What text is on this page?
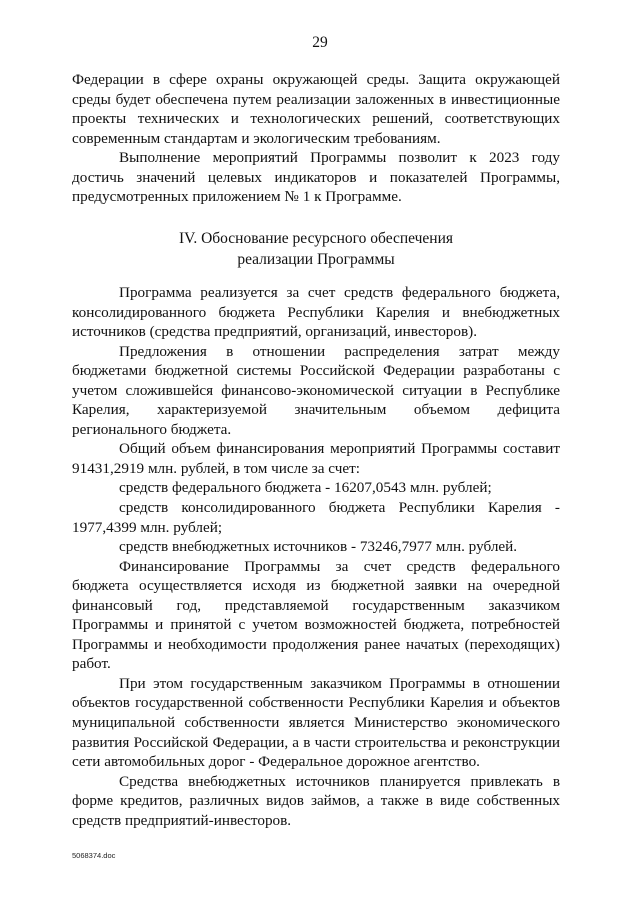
29

Федерации в сфере охраны окружающей среды. Защита окружающей среды будет обеспечена путем реализации заложенных в инвестиционные проекты технических и технологических решений, соответствующих современным стандартам и экологическим требованиям.

Выполнение мероприятий Программы позволит к 2023 году достичь значений целевых индикаторов и показателей Программы, предусмотренных приложением № 1 к Программе.

IV. Обоснование ресурсного обеспечения
реализации Программы

Программа реализуется за счет средств федерального бюджета, консолидированного бюджета Республики Карелия и внебюджетных источников (средства предприятий, организаций, инвесторов).

Предложения в отношении распределения затрат между бюджетами бюджетной системы Российской Федерации разработаны с учетом сложившейся финансово-экономической ситуации в Республике Карелия, характеризуемой значительным объемом дефицита регионального бюджета.

Общий объем финансирования мероприятий Программы составит 91431,2919 млн. рублей, в том числе за счет:

средств федерального бюджета - 16207,0543 млн. рублей;

средств консолидированного бюджета Республики Карелия - 1977,4399 млн. рублей;

средств внебюджетных источников - 73246,7977 млн. рублей.

Финансирование Программы за счет средств федерального бюджета осуществляется исходя из бюджетной заявки на очередной финансовый год, представляемой государственным заказчиком Программы и принятой с учетом возможностей бюджета, потребностей Программы и необходимости продолжения ранее начатых (переходящих) работ.

При этом государственным заказчиком Программы в отношении объектов государственной собственности Республики Карелия и объектов муниципальной собственности является Министерство экономического развития Российской Федерации, а в части строительства и реконструкции сети автомобильных дорог - Федеральное дорожное агентство.

Средства внебюджетных источников планируется привлекать в форме кредитов, различных видов займов, а также в виде собственных средств предприятий-инвесторов.

5068374.doc
